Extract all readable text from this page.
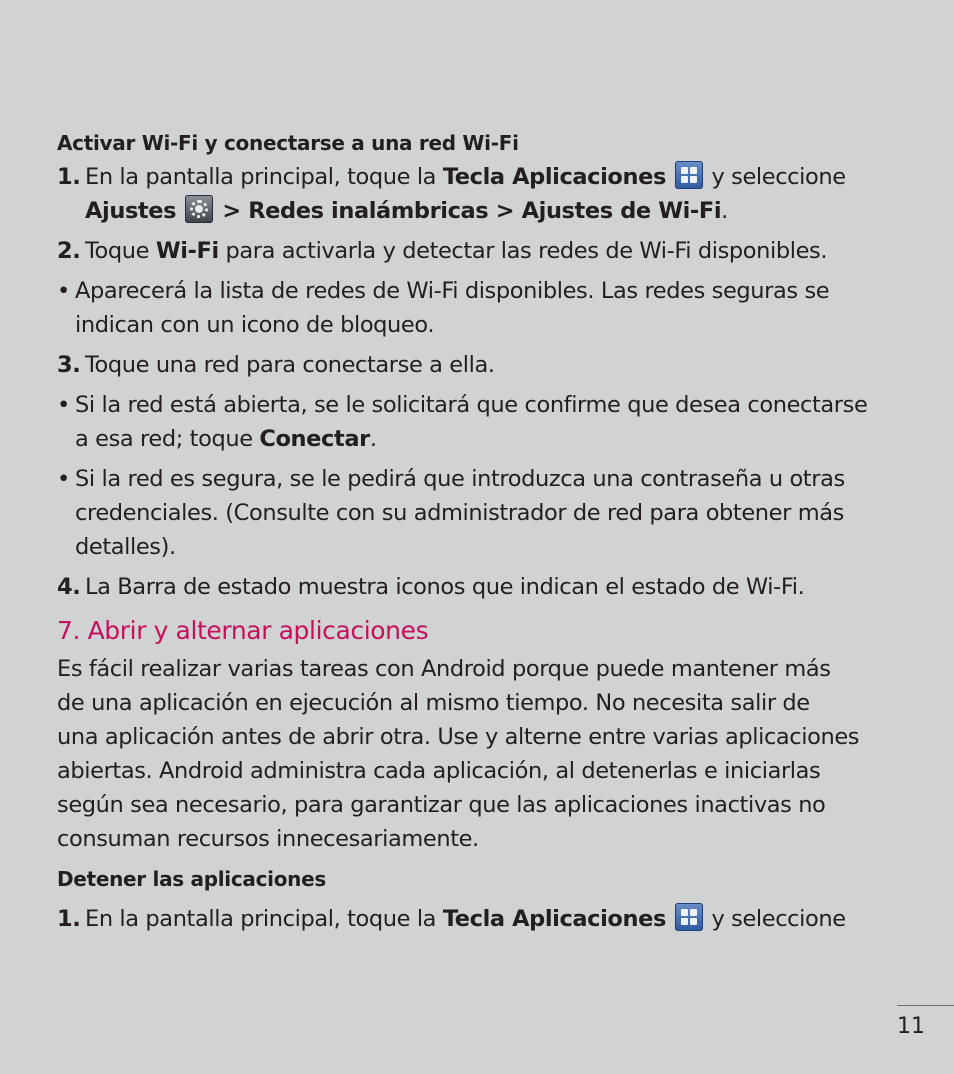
Activar Wi-Fi y conectarse a una red Wi-Fi
1. En la pantalla principal, toque la Tecla Aplicaciones
y seleccione
Ajustes
> Redes inalámbricas > Ajustes de Wi-Fi.
2. Toque Wi-Fi para activarla y detectar las redes de Wi-Fi disponibles.
• Aparecerá la lista de redes de Wi-Fi disponibles. Las redes seguras se
indican con un icono de bloqueo.
3. Toque una red para conectarse a ella.
• Si la red está abierta, se le solicitará que confirme que desea conectarse
a esa red; toque Conectar.
• Si la red es segura, se le pedirá que introduzca una contraseña u otras
credenciales. (Consulte con su administrador de red para obtener más
detalles).
4. La Barra de estado muestra iconos que indican el estado de Wi-Fi.
7. Abrir y alternar aplicaciones
Es fácil realizar varias tareas con Android porque puede mantener más
de una aplicación en ejecución al mismo tiempo. No necesita salir de
una aplicación antes de abrir otra. Use y alterne entre varias aplicaciones
abiertas. Android administra cada aplicación, al detenerlas e iniciarlas
según sea necesario, para garantizar que las aplicaciones inactivas no
consuman recursos innecesariamente.
Detener las aplicaciones
1. En la pantalla principal, toque la Tecla Aplicaciones
y seleccione
11
